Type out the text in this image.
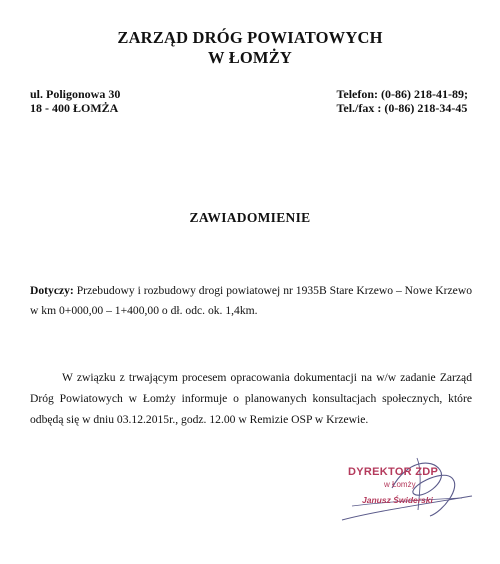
ZARZĄD DRÓG POWIATOWYCH
W ŁOMŻY
ul. Poligonowa 30
18 - 400 ŁOMŻA
Telefon: (0-86) 218-41-89;
Tel./fax : (0-86) 218-34-45
ZAWIADOMIENIE
Dotyczy: Przebudowy i rozbudowy drogi powiatowej nr 1935B Stare Krzewo – Nowe Krzewo w km 0+000,00 – 1+400,00 o dł. odc. ok. 1,4km.
W związku z trwającym procesem opracowania dokumentacji na w/w zadanie Zarząd Dróg Powiatowych w Łomży informuje o planowanych konsultacjach społecznych, które odbędą się w dniu 03.12.2015r., godz. 12.00 w Remizie OSP w Krzewie.
DYREKTOR ZDP
w Łomży
Janusz Świderski
